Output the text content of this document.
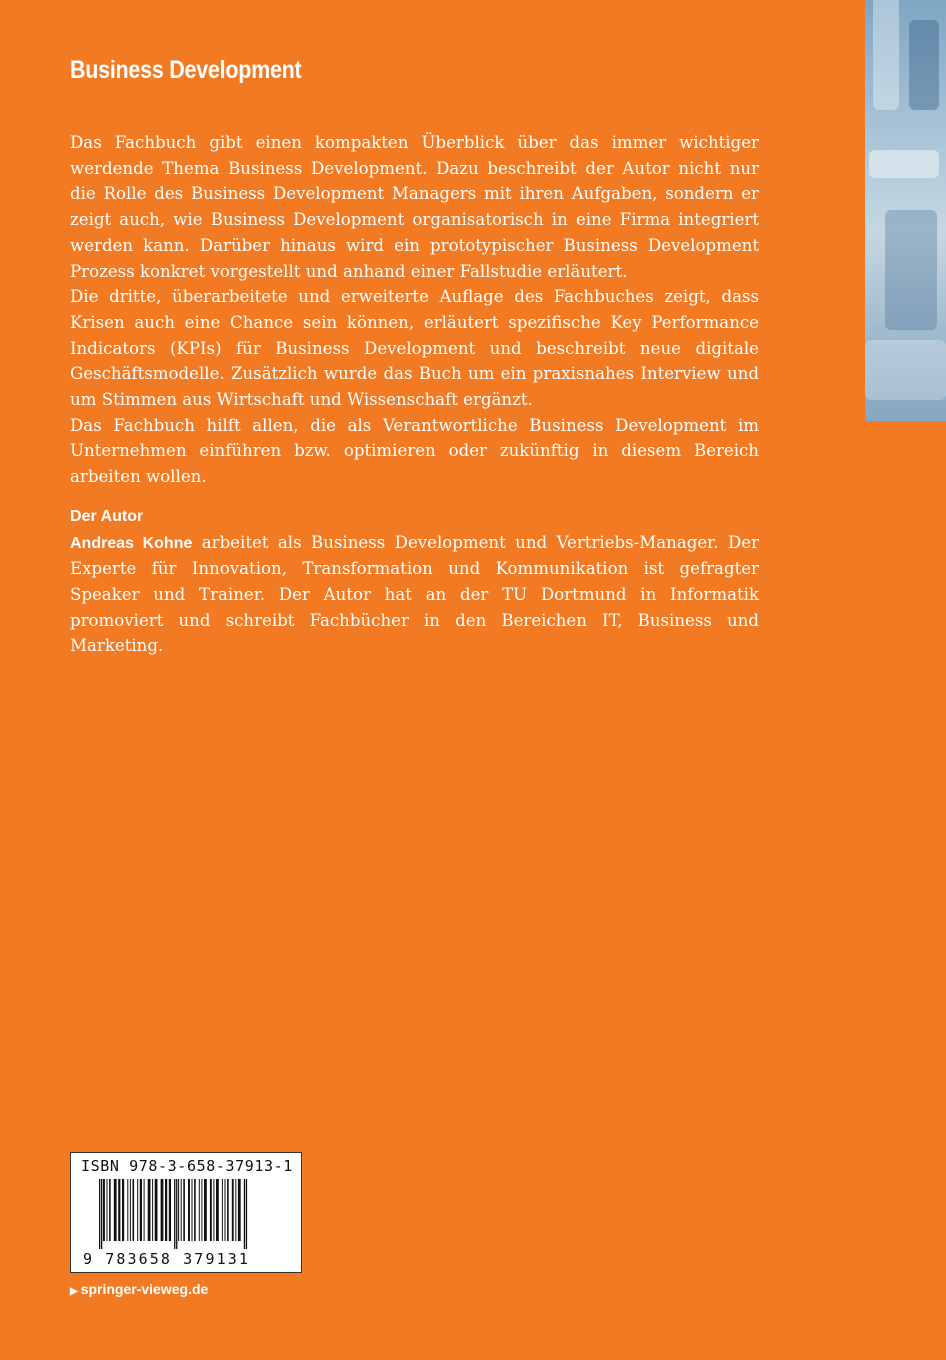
Business Development

Das Fachbuch gibt einen kompakten Überblick über das immer wichtiger werdende Thema Business Development. Dazu beschreibt der Autor nicht nur die Rolle des Business Development Managers mit ihren Aufgaben, sondern er zeigt auch, wie Business Development organisatorisch in eine Firma integriert werden kann. Darüber hinaus wird ein prototypischer Business Development Prozess konkret vorgestellt und anhand einer Fallstudie erläutert.

Die dritte, überarbeitete und erweiterte Auflage des Fachbuches zeigt, dass Krisen auch eine Chance sein können, erläutert spezifische Key Performance Indicators (KPIs) für Business Development und beschreibt neue digitale Geschäftsmodelle. Zusätzlich wurde das Buch um ein praxisnahes Interview und um Stimmen aus Wirtschaft und Wissenschaft ergänzt.

Das Fachbuch hilft allen, die als Verantwortliche Business Development im Unternehmen einführen bzw. optimieren oder zukünftig in diesem Bereich arbeiten wollen.

Der Autor

Andreas Kohne arbeitet als Business Development und Vertriebs-Manager. Der Experte für Innovation, Transformation und Kommunikation ist gefragter Speaker und Trainer. Der Autor hat an der TU Dortmund in Informatik promoviert und schreibt Fachbücher in den Bereichen IT, Business und Marketing.

ISBN 978-3-658-37913-1
9 783658 379131
▶ springer-vieweg.de
